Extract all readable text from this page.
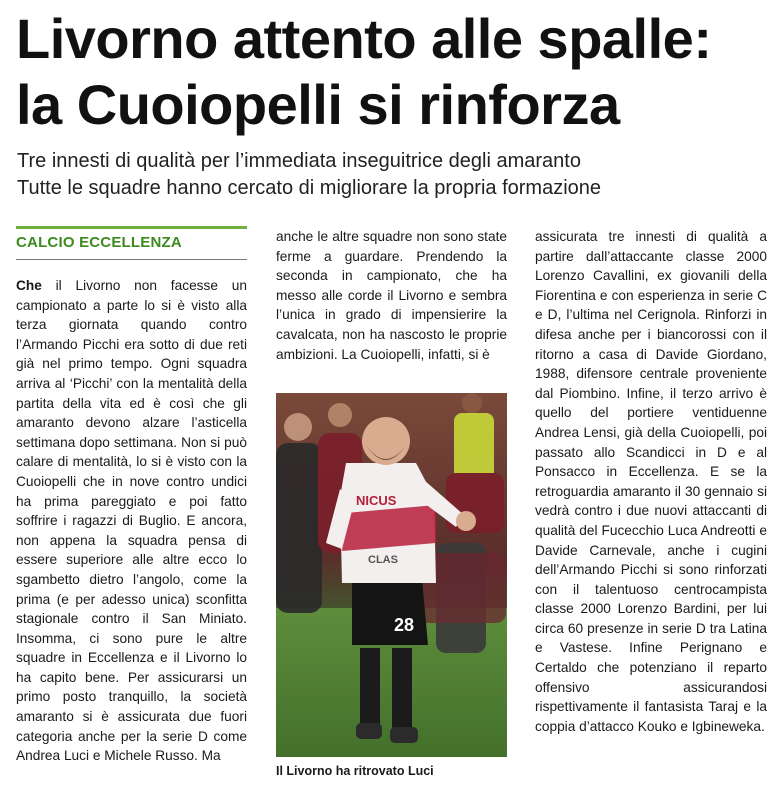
Livorno attento alle spalle:
la Cuoiopelli si rinforza
Tre innesti di qualità per l’immediata inseguitrice degli amaranto
Tutte le squadre hanno cercato di migliorare la propria formazione
CALCIO ECCELLENZA
Che il Livorno non facesse un campionato a parte lo si è visto alla terza giornata quando contro l’Armando Picchi era sotto di due reti già nel primo tempo. Ogni squadra arriva al ‘Picchi’ con la mentalità della partita della vita ed è così che gli amaranto devono alzare l’asticella settimana dopo settimana. Non si può calare di mentalità, lo si è visto con la Cuoiopelli che in nove contro undici ha prima pareggiato e poi fatto soffrire i ragazzi di Buglio. E ancora, non appena la squadra pensa di essere superiore alle altre ecco lo sgambetto dietro l’angolo, come la prima (e per adesso unica) sconfitta stagionale contro il San Miniato. Insomma, ci sono pure le altre squadre in Eccellenza e il Livorno lo ha capito bene. Per assicurarsi un primo posto tranquillo, la società amaranto si è assicurata due fuori categoria anche per la serie D come Andrea Luci e Michele Russo. Ma
anche le altre squadre non sono state ferme a guardare. Prendendo la seconda in campionato, che ha messo alle corde il Livorno e sembra l’unica in grado di impensierire la cavalcata, non ha nascosto le proprie ambizioni. La Cuoiopelli, infatti, si è
assicurata tre innesti di qualità a partire dall’attaccante classe 2000 Lorenzo Cavallini, ex giovanili della Fiorentina e con esperienza in serie C e D, l’ultima nel Cerignola. Rinforzi in difesa anche per i biancorossi con il ritorno a casa di Davide Giordano, 1988, difensore centrale proveniente dal Piombino. Infine, il terzo arrivo è quello del portiere ventiduenne Andrea Lensi, già della Cuoiopelli, poi passato allo Scandicci in D e al Ponsacco in Eccellenza. E se la retroguardia amaranto il 30 gennaio si vedrà contro i due nuovi attaccanti di qualità del Fucecchio Luca Andreotti e Davide Carnevale, anche i cugini dell’Armando Picchi si sono rinforzati con il talentuoso centrocampista classe 2000 Lorenzo Bardini, per lui circa 60 presenze in serie D tra Latina e Vastese. Infine Perignano e Certaldo che potenziano il reparto offensivo assicurandosi rispettivamente il fantasista Taraj e la coppia d’attacco Kouko e Igbineweka.
NICUS
CLAS
28
Il Livorno ha ritrovato Luci
